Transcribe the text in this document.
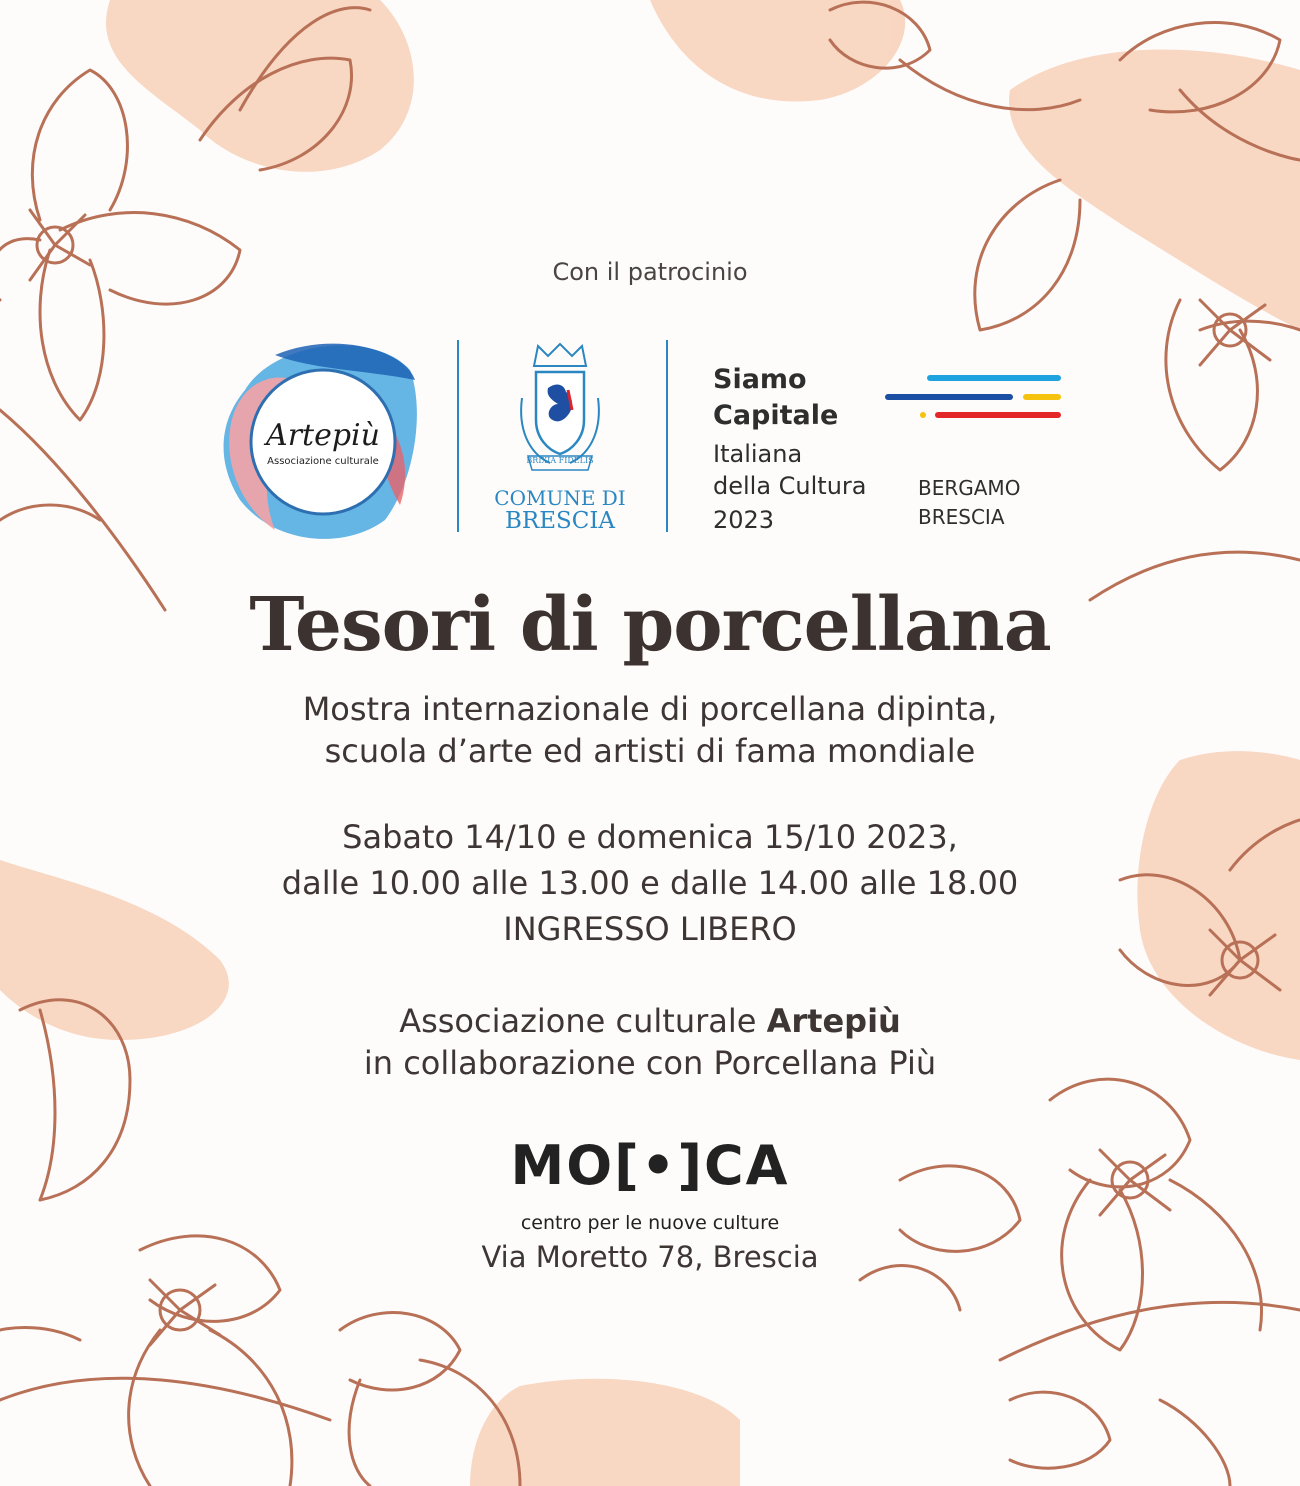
Con il patrocinio
Artepiù
Associazione culturale	BRIXIA FIDELIS
COMUNE DI
BRESCIA
Siamo
Capitale
Italiana
della Cultura
2023
BERGAMO
BRESCIA
Tesori di porcellana
Mostra internazionale di porcellana dipinta,
scuola d’arte ed artisti di fama mondiale
Sabato 14/10 e domenica 15/10 2023,
dalle 10.00 alle 13.00 e dalle 14.00 alle 18.00
INGRESSO LIBERO
Associazione culturale Artepiù
in collaborazione con Porcellana Più
MO[•]CA
centro per le nuove culture
Via Moretto 78, Brescia
